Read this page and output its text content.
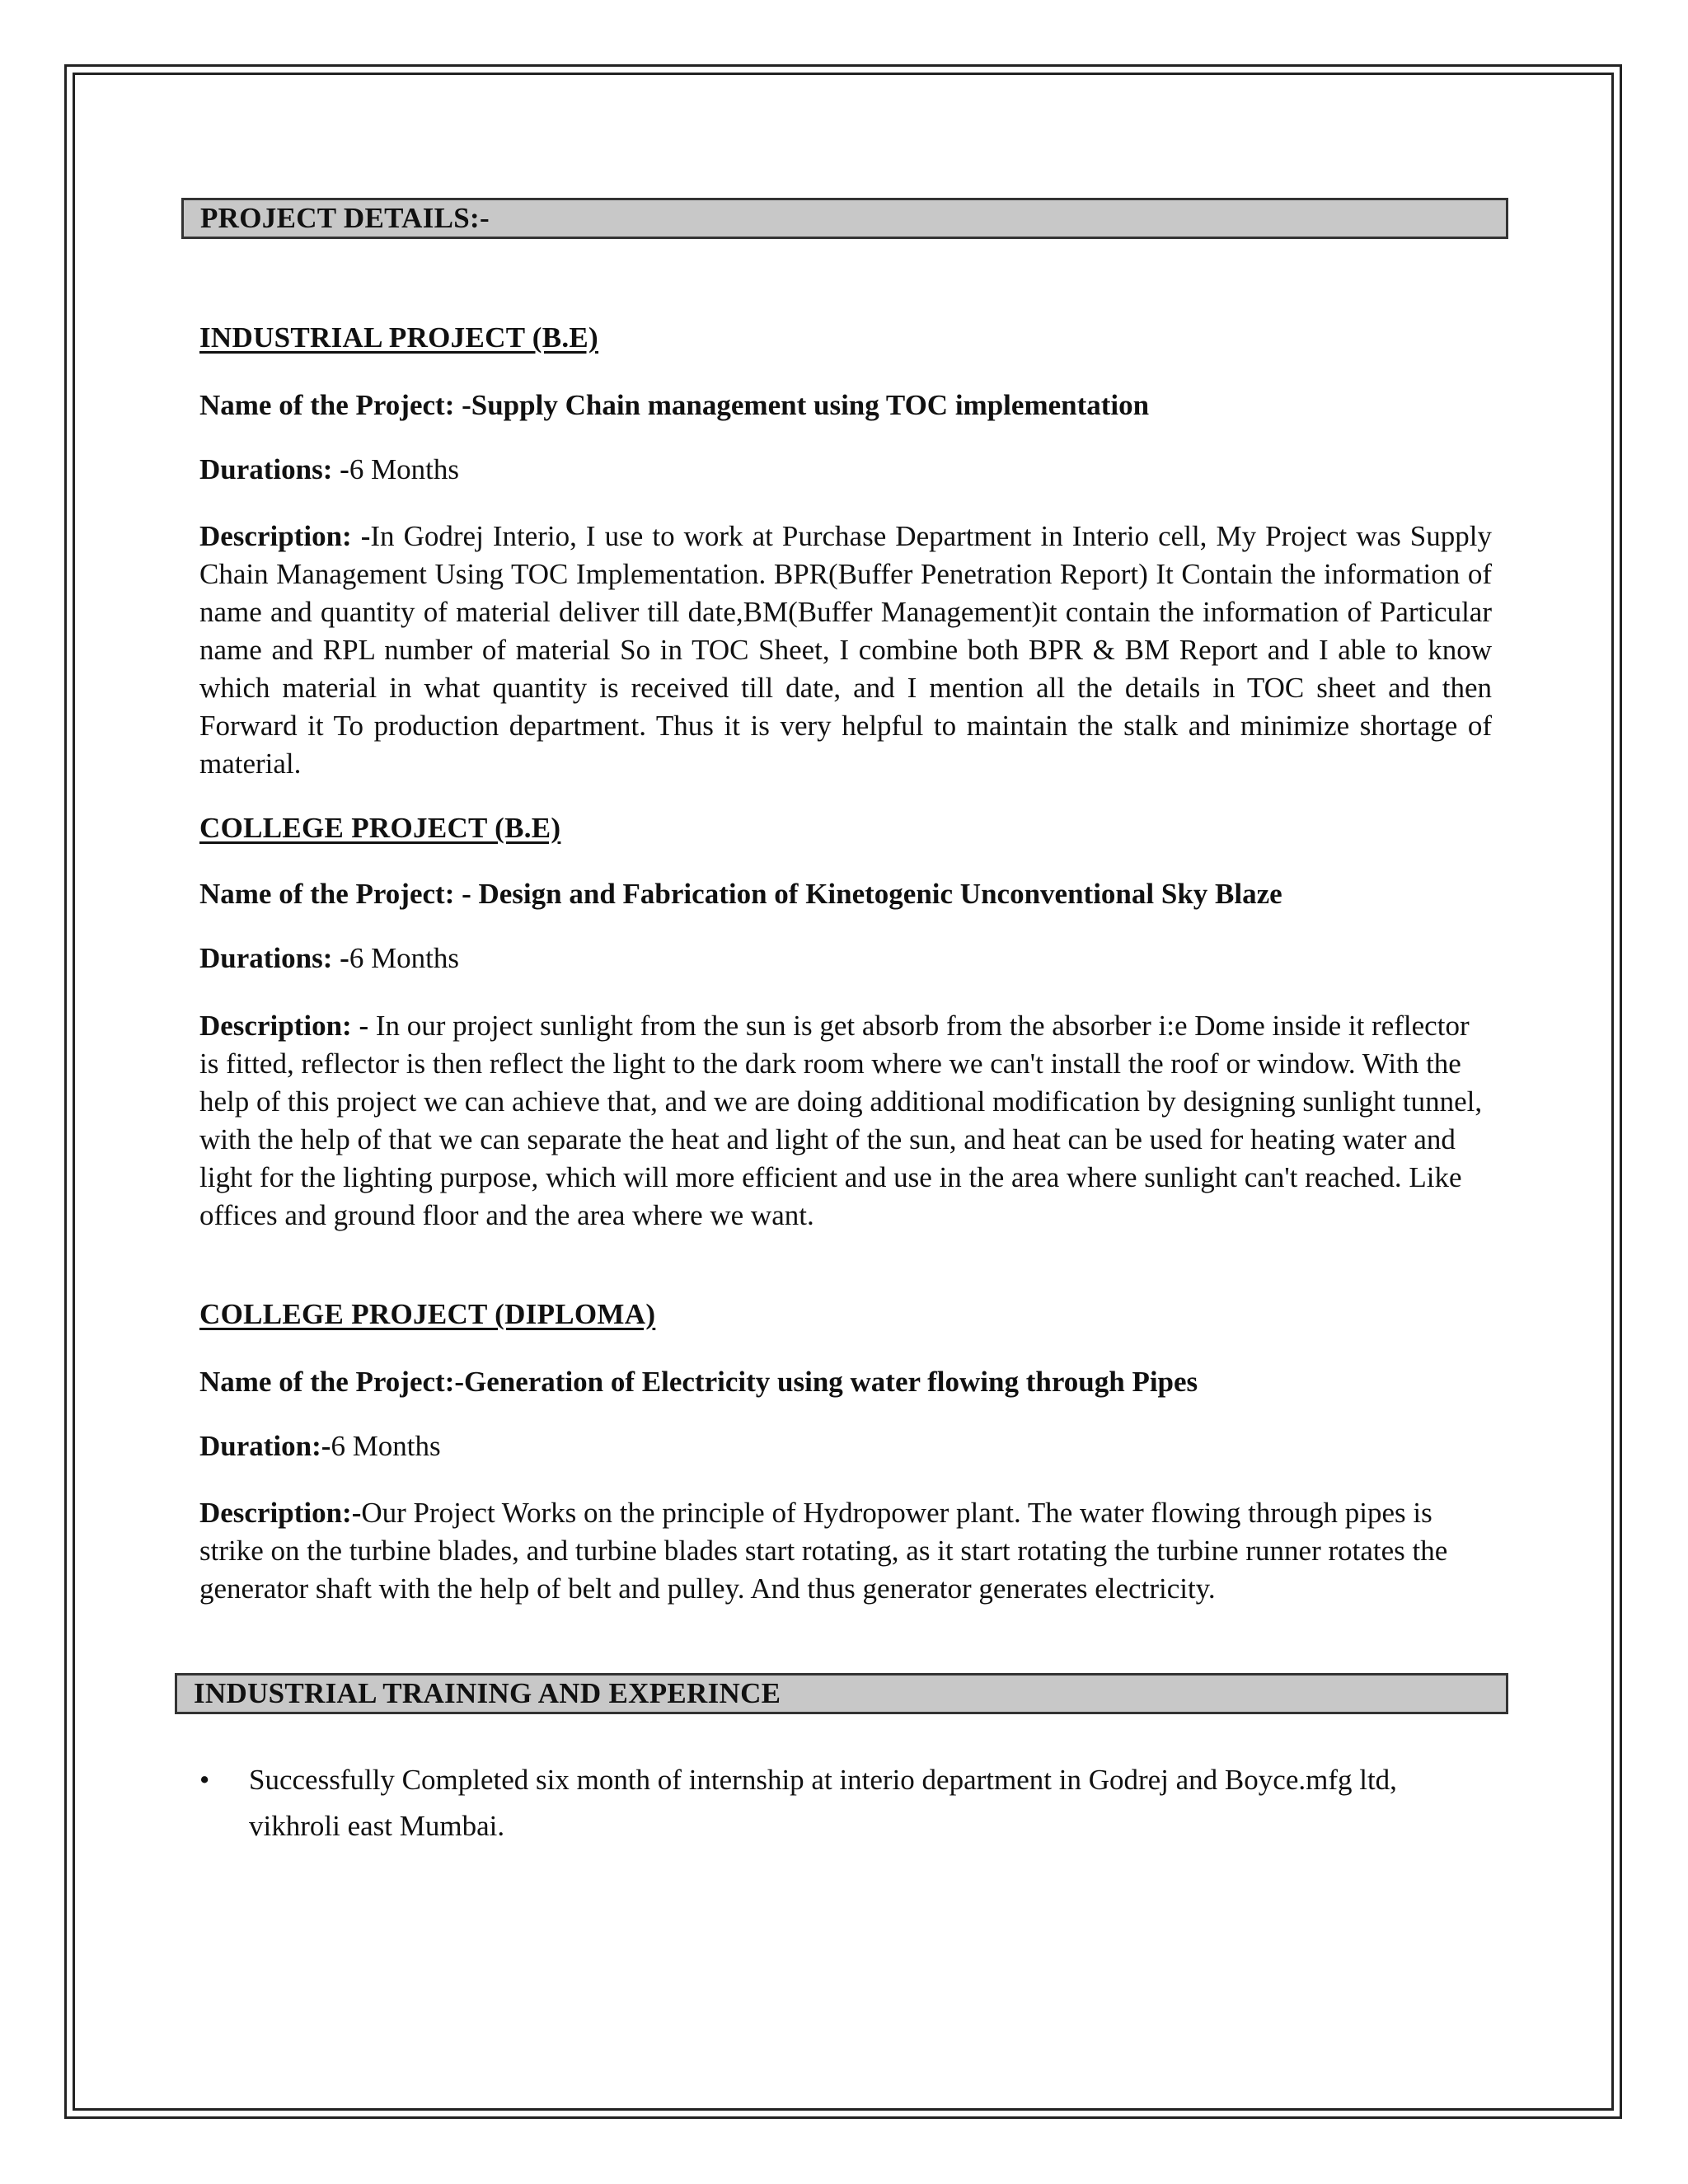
PROJECT DETAILS:-
INDUSTRIAL PROJECT (B.E)
Name of the Project: -Supply Chain management using TOC implementation
Durations: -6 Months
Description: -In Godrej Interio, I use to work at Purchase Department in Interio cell, My Project was Supply Chain Management Using TOC Implementation. BPR(Buffer Penetration Report) It Contain the information of name and quantity of material deliver till date,BM(Buffer Management)it contain the information of Particular name and RPL number of material So in TOC Sheet, I combine both BPR & BM Report and I able to know which material in what quantity is received till date, and I mention all the details in TOC sheet and then Forward it To production department. Thus it is very helpful to maintain the stalk and minimize shortage of material.
COLLEGE PROJECT (B.E)
Name of the Project: - Design and Fabrication of Kinetogenic Unconventional Sky Blaze
Durations: -6 Months
Description: - In our project sunlight from the sun is get absorb from the absorber i:e Dome inside it reflector is fitted, reflector is then reflect the light to the dark room where we can't install the roof or window. With the help of this project we can achieve that, and we are doing additional modification by designing sunlight tunnel, with the help of that we can separate the heat and light of the sun, and heat can be used for heating water and light for the lighting purpose, which will more efficient and use in the area where sunlight can't reached. Like offices and ground floor and the area where we want.
COLLEGE PROJECT (DIPLOMA)
Name of the Project:-Generation of Electricity using water flowing through Pipes
Duration:-6 Months
Description:-Our Project Works on the principle of Hydropower plant. The water flowing through pipes is strike on the turbine blades, and turbine blades start rotating, as it start rotating the turbine runner rotates the generator shaft with the help of belt and pulley. And thus generator generates electricity.
INDUSTRIAL TRAINING AND EXPERINCE
• Successfully Completed six month of internship at interio department in Godrej and Boyce.mfg ltd, vikhroli east Mumbai.
